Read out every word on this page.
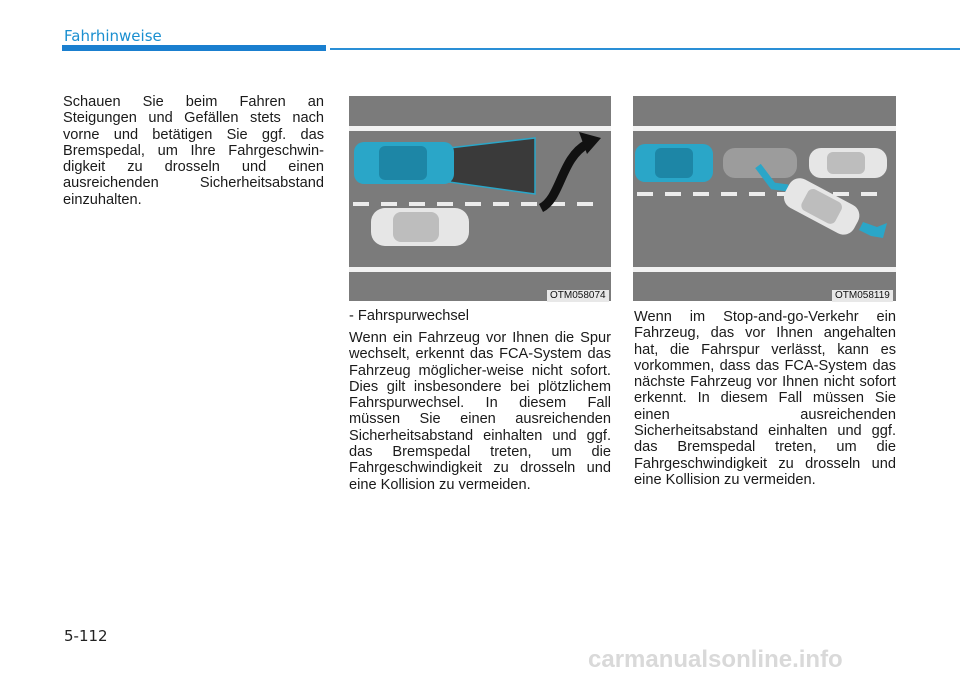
Fahrhinweise

Schauen Sie beim Fahren an Steigungen und Gefällen stets nach vorne und betätigen Sie ggf. das Bremspedal, um Ihre Fahrgeschwin-digkeit zu drosseln und einen ausreichenden Sicherheitsabstand einzuhalten.

OTM058074	OTM058119

- Fahrspurwechsel

Wenn ein Fahrzeug vor Ihnen die Spur wechselt, erkennt das FCA-System das Fahrzeug möglicher-weise nicht sofort. Dies gilt insbesondere bei plötzlichem Fahrspurwechsel. In diesem Fall müssen Sie einen ausreichenden Sicherheitsabstand einhalten und ggf. das Bremspedal treten, um die Fahrgeschwindigkeit zu drosseln und eine Kollision zu vermeiden.

Wenn im Stop-and-go-Verkehr ein Fahrzeug, das vor Ihnen angehalten hat, die Fahrspur verlässt, kann es vorkommen, dass das FCA-System das nächste Fahrzeug vor Ihnen nicht sofort erkennt. In diesem Fall müssen Sie einen ausreichenden Sicherheitsabstand einhalten und ggf. das Bremspedal treten, um die Fahrgeschwindigkeit zu drosseln und eine Kollision zu vermeiden.

5-112
carmanualsonline.info
